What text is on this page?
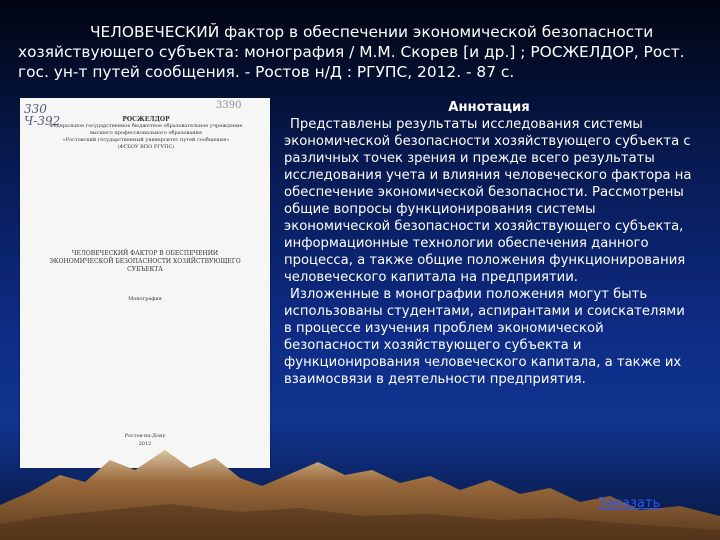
ЧЕЛОВЕЧЕСКИЙ фактор в обеспечении экономической безопасности хозяйствующего субъекта: монография / М.М. Скорев [и др.] ; РОСЖЕЛДОР, Рост. гос. ун-т путей сообщения. - Ростов н/Д : РГУПС, 2012. - 87 с.

330
Ч-392
3390
РОСЖЕЛДОР
Федеральное государственное бюджетное образовательное учреждение
высшего профессионального образования
«Ростовский государственный университет путей сообщения»
(ФГБОУ ВПО РГУПС)
ЧЕЛОВЕЧЕСКИЙ ФАКТОР В ОБЕСПЕЧЕНИИ ЭКОНОМИЧЕСКОЙ БЕЗОПАСНОСТИ ХОЗЯЙСТВУЮЩЕГО СУБЪЕКТА
Монография
Ростов-на-Дону
2012
Аннотация

Представлены результаты исследования системы экономической безопасности хозяйствующего субъекта с различных точек зрения и прежде всего результаты исследования учета и влияния человеческого фактора на обеспечение экономической безопасности. Рассмотрены общие вопросы функционирования системы экономической безопасности хозяйствующего субъекта, информационные технологии обеспечения данного процесса, а также общие положения функционирования человеческого капитала на предприятии.

Изложенные в монографии положения могут быть использованы студентами, аспирантами и соискателями в процессе изучения проблем экономической безопасности хозяйствующего субъекта и функционирования человеческого капитала, а также их взаимосвязи в деятельности предприятия.

Заказать
